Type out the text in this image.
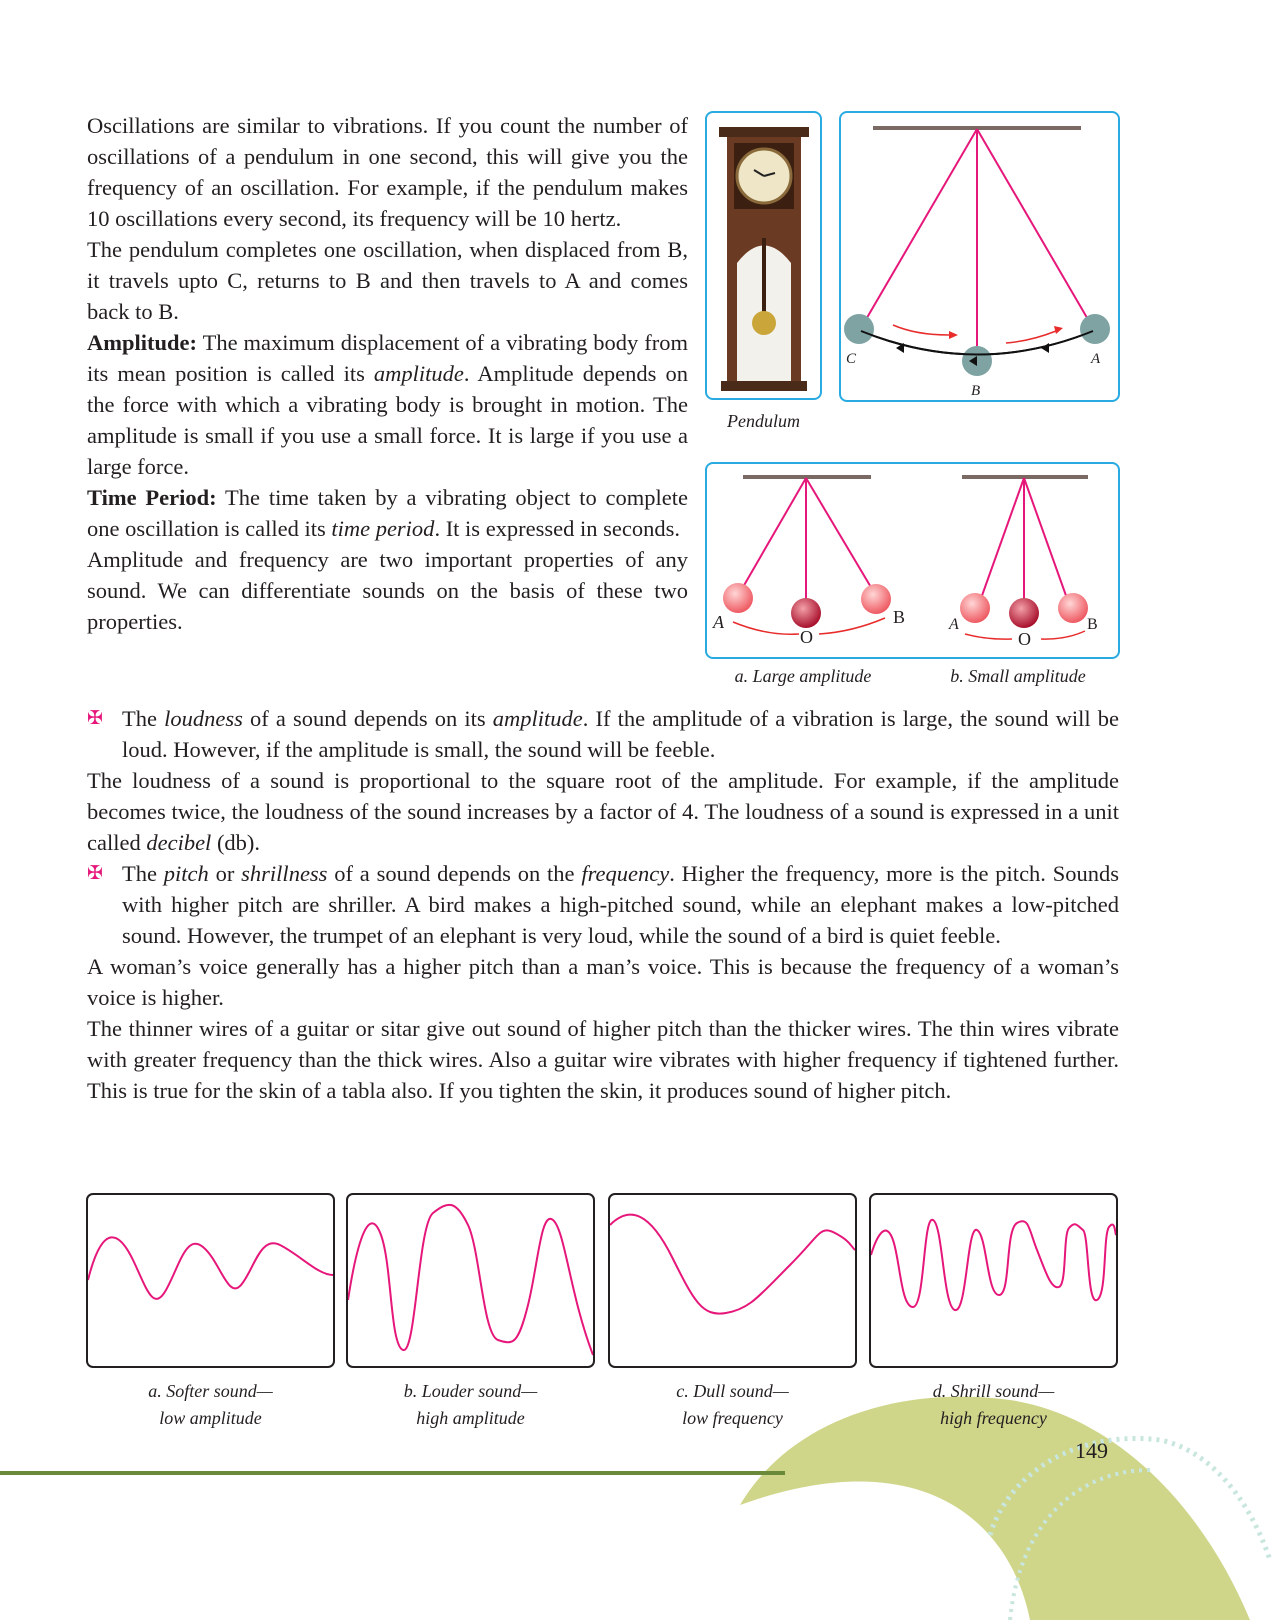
Oscillations are similar to vibrations. If you count the number of oscillations of a pendulum in one second, this will give you the frequency of an oscillation. For example, if the pendulum makes 10 oscillations every second, its frequency will be 10 hertz.

The pendulum completes one oscillation, when displaced from B, it travels upto C, returns to B and then travels to A and comes back to B.

Amplitude: The maximum displacement of a vibrating body from its mean position is called its amplitude. Amplitude depends on the force with which a vibrating body is brought in motion. The amplitude is small if you use a small force. It is large if you use a large force.

Time Period: The time taken by a vibrating object to complete one oscillation is called its time period. It is expressed in seconds.

Amplitude and frequency are two important properties of any sound. We can differentiate sounds on the basis of these two properties.

✠ The loudness of a sound depends on its amplitude. If the amplitude of a vibration is large, the sound will be loud. However, if the amplitude is small, the sound will be feeble.

The loudness of a sound is proportional to the square root of the amplitude. For example, if the amplitude becomes twice, the loudness of the sound increases by a factor of 4. The loudness of a sound is expressed in a unit called decibel (db).

✠ The pitch or shrillness of a sound depends on the frequency. Higher the frequency, more is the pitch. Sounds with higher pitch are shriller. A bird makes a high-pitched sound, while an elephant makes a low-pitched sound. However, the trumpet of an elephant is very loud, while the sound of a bird is quiet feeble.

A woman’s voice generally has a higher pitch than a man’s voice. This is because the frequency of a woman’s voice is higher.

The thinner wires of a guitar or sitar give out sound of higher pitch than the thicker wires. The thin wires vibrate with greater frequency than the thick wires. Also a guitar wire vibrates with higher frequency if tightened further. This is true for the skin of a tabla also. If you tighten the skin, it produces sound of higher pitch.

Pendulum
C
B
A
A
O
B	A
O
B
a. Large amplitude	b. Small amplitude
a. Softer sound—
low amplitude
b. Louder sound—
high amplitude
c. Dull sound—
low frequency
d. Shrill sound—
high frequency
149
